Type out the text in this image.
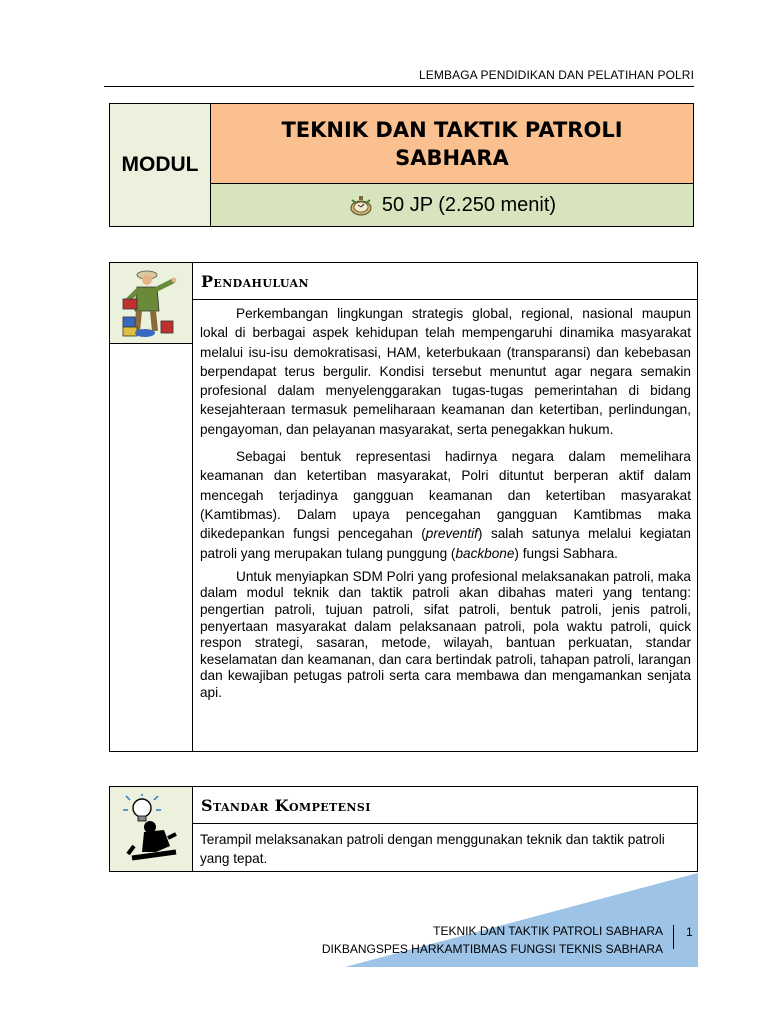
LEMBAGA PENDIDIKAN DAN PELATIHAN POLRI
MODUL
TEKNIK DAN TAKTIK PATROLI
SABHARA
50 JP (2.250 menit)
Pendahuluan

Perkembangan lingkungan strategis global, regional, nasional maupun lokal di berbagai aspek kehidupan telah mempengaruhi dinamika masyarakat melalui isu-isu demokratisasi, HAM, keterbukaan (transparansi) dan kebebasan berpendapat terus bergulir. Kondisi tersebut menuntut agar negara semakin profesional dalam menyelenggarakan tugas-tugas pemerintahan di bidang kesejahteraan termasuk pemeliharaan keamanan dan ketertiban, perlindungan, pengayoman, dan pelayanan masyarakat, serta penegakkan hukum.

Sebagai bentuk representasi hadirnya negara dalam memelihara keamanan dan ketertiban masyarakat, Polri dituntut berperan aktif dalam mencegah terjadinya gangguan keamanan dan ketertiban masyarakat (Kamtibmas). Dalam upaya pencegahan gangguan Kamtibmas maka dikedepankan fungsi pencegahan (preventif) salah satunya melalui kegiatan patroli yang merupakan tulang punggung (backbone) fungsi Sabhara.

Untuk menyiapkan SDM Polri yang profesional melaksanakan patroli, maka dalam modul teknik dan taktik patroli akan dibahas materi yang tentang: pengertian patroli, tujuan patroli, sifat patroli, bentuk patroli, jenis patroli, penyertaan masyarakat dalam pelaksanaan patroli, pola waktu patroli, quick respon strategi, sasaran, metode, wilayah, bantuan perkuatan, standar keselamatan dan keamanan, dan cara bertindak patroli, tahapan patroli, larangan dan kewajiban petugas patroli serta cara membawa dan mengamankan senjata api.

Standar Kompetensi

Terampil melaksanakan patroli dengan menggunakan teknik dan taktik patroli yang tepat.

TEKNIK DAN TAKTIK PATROLI SABHARA
DIKBANGSPES HARKAMTIBMAS FUNGSI TEKNIS SABHARA
1
